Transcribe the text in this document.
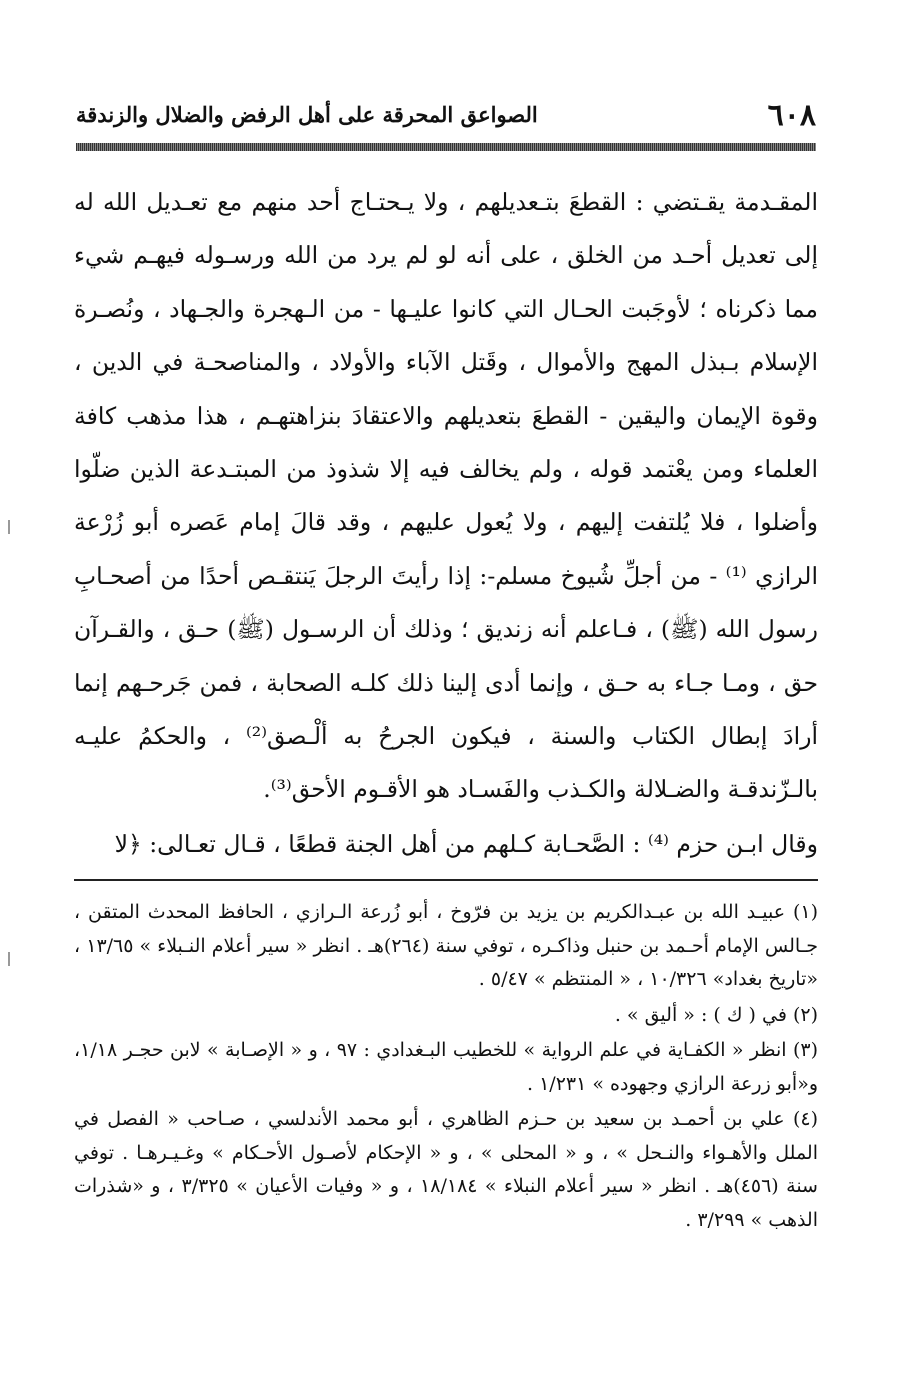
٦٠٨
الصواعق المحرقة على أهل الرفض والضلال والزندقة

المقـدمة يقـتضي : القطعَ بتـعديلهم ، ولا يـحتـاج أحد منهم مع تعـديل الله له إلى تعديل أحـد من الخلق ، على أنه لو لم يرد من الله ورسـوله فيهـم شيء مما ذكرناه ؛ لأوجَبت الحـال التي كانوا عليـها - من الـهجرة والجـهاد ، ونُصـرة الإسلام بـبذل المهج والأموال ، وقَتل الآباء والأولاد ، والمناصحـة في الدين ، وقوة الإيمان واليقين - القطعَ بتعديلهم والاعتقادَ بنزاهتهـم ، هذا مذهب كافة العلماء ومن يعْتمد قوله ، ولم يخالف فيه إلا شذوذ من المبتـدعة الذين ضلّوا وأضلوا ، فلا يُلتفت إليهم ، ولا يُعول عليهم ، وقد قالَ إمام عَصره أبو زُرْعة الرازي ⁽¹⁾ - من أجلِّ شُيوخ مسلم-: إذا رأيتَ الرجلَ يَنتقـص أحدًا من أصحـابِ رسول الله (ﷺ) ، فـاعلم أنه زنديق ؛ وذلك أن الرسـول (ﷺ) حـق ، والقـرآن حق ، ومـا جـاء به حـق ، وإنما أدى إلينا ذلك كلـه الصحابة ، فمن جَرحـهم إنما أرادَ إبطال الكتاب والسنة ، فيكون الجرحُ به ألْـصق⁽²⁾ ، والحكمُ عليـه بالـزّندقـة والضـلالة والكـذب والفَسـاد هو الأقـوم الأحق⁽³⁾.

وقال ابـن حزم ⁽⁴⁾ : الصَّحـابة كـلهم من أهل الجنة قطعًا ، قـال تعـالى: ﴿لا

(١) عبيـد الله بن عبـدالكريم بن يزيد بن فرّوخ ، أبو زُرعة الـرازي ، الحافظ المحدث المتقن ، جـالس الإمام أحـمد بن حنبل وذاكـره ، توفي سنة (٢٦٤)هـ . انظر « سير أعلام النـبلاء » ١٣/٦٥ ، «تاريخ بغداد» ١٠/٣٢٦ ، « المنتظم » ٥/٤٧ .

(٢) في ( ك ) : « أليق » .

(٣) انظر « الكفـاية في علم الرواية » للخطيب البـغدادي : ٩٧ ، و « الإصـابة » لابن حجـر ١/١٨، و«أبو زرعة الرازي وجهوده » ١/٢٣١ .

(٤) علي بن أحمـد بن سعيد بن حـزم الظاهري ، أبو محمد الأندلسي ، صـاحب « الفصل في الملل والأهـواء والنـحل » ، و « المحلى » ، و « الإحكام لأصـول الأحـكام » وغـيـرهـا . توفي سنة (٤٥٦)هـ . انظر « سير أعلام النبلاء » ١٨/١٨٤ ، و « وفيات الأعيان » ٣/٣٢٥ ، و «شذرات الذهب » ٣/٢٩٩ .
